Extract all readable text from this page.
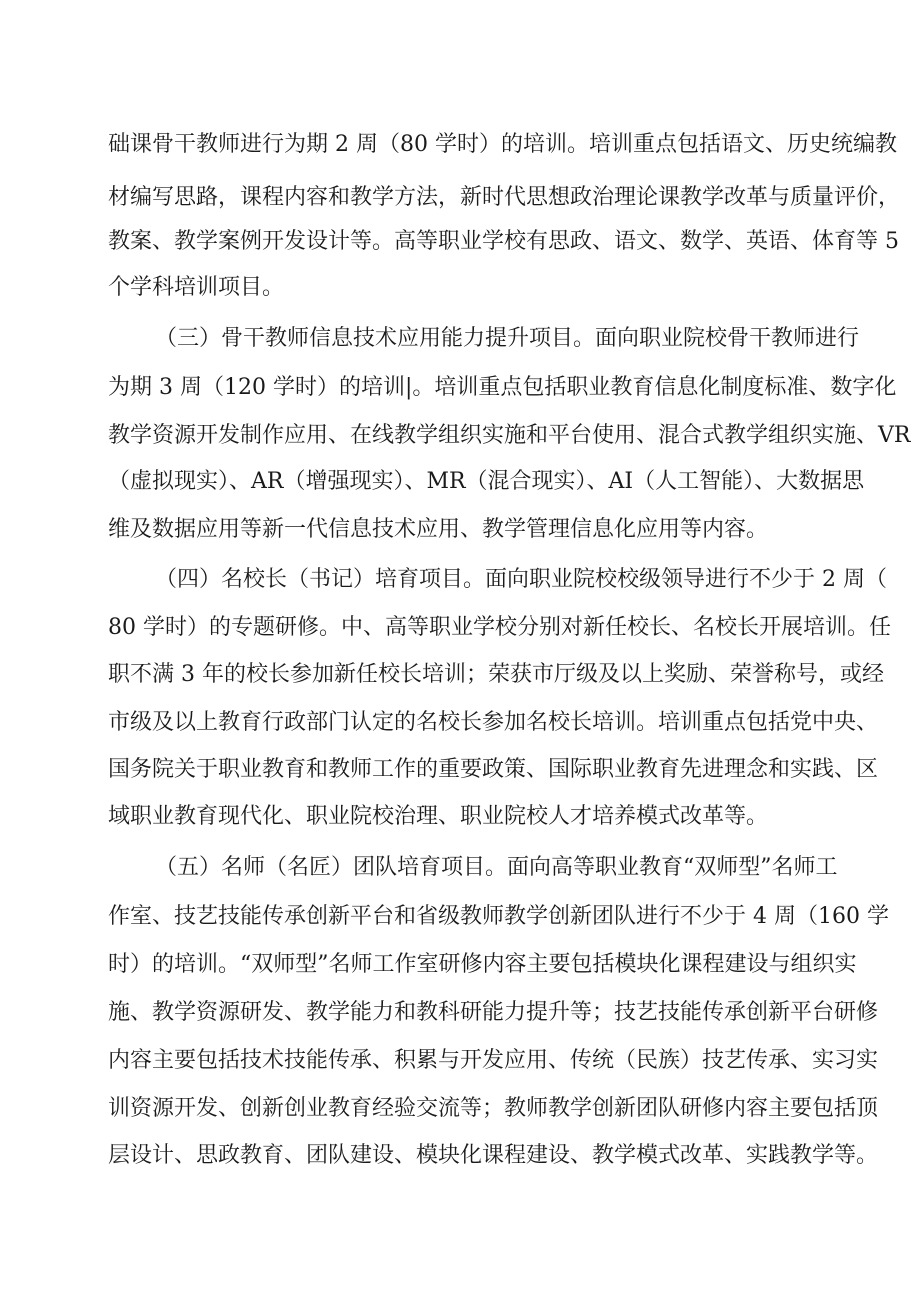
础课骨干教师进行为期 2 周（80 学时）的培训。培训重点包括语文、历史统编教
材编写思路，课程内容和教学方法，新时代思想政治理论课教学改革与质量评价，
教案、教学案例开发设计等。高等职业学校有思政、语文、数学、英语、体育等 5
个学科培训项目。
（三）骨干教师信息技术应用能力提升项目。面向职业院校骨干教师进行
为期 3 周（120 学时）的培训|。培训重点包括职业教育信息化制度标准、数字化
教学资源开发制作应用、在线教学组织实施和平台使用、混合式教学组织实施、VR
（虚拟现实）、AR（增强现实）、MR（混合现实）、AI（人工智能）、大数据思
维及数据应用等新一代信息技术应用、教学管理信息化应用等内容。
（四）名校长（书记）培育项目。面向职业院校校级领导进行不少于 2 周（
80 学时）的专题研修。中、高等职业学校分别对新任校长、名校长开展培训。任
职不满 3 年的校长参加新任校长培训；荣获市厅级及以上奖励、荣誉称号，或经
市级及以上教育行政部门认定的名校长参加名校长培训。培训重点包括党中央、
国务院关于职业教育和教师工作的重要政策、国际职业教育先进理念和实践、区
域职业教育现代化、职业院校治理、职业院校人才培养模式改革等。
（五）名师（名匠）团队培育项目。面向高等职业教育“双师型”名师工
作室、技艺技能传承创新平台和省级教师教学创新团队进行不少于 4 周（160 学
时）的培训。“双师型”名师工作室研修内容主要包括模块化课程建设与组织实
施、教学资源研发、教学能力和教科研能力提升等；技艺技能传承创新平台研修
内容主要包括技术技能传承、积累与开发应用、传统（民族）技艺传承、实习实
训资源开发、创新创业教育经验交流等；教师教学创新团队研修内容主要包括顶
层设计、思政教育、团队建设、模块化课程建设、教学模式改革、实践教学等。
